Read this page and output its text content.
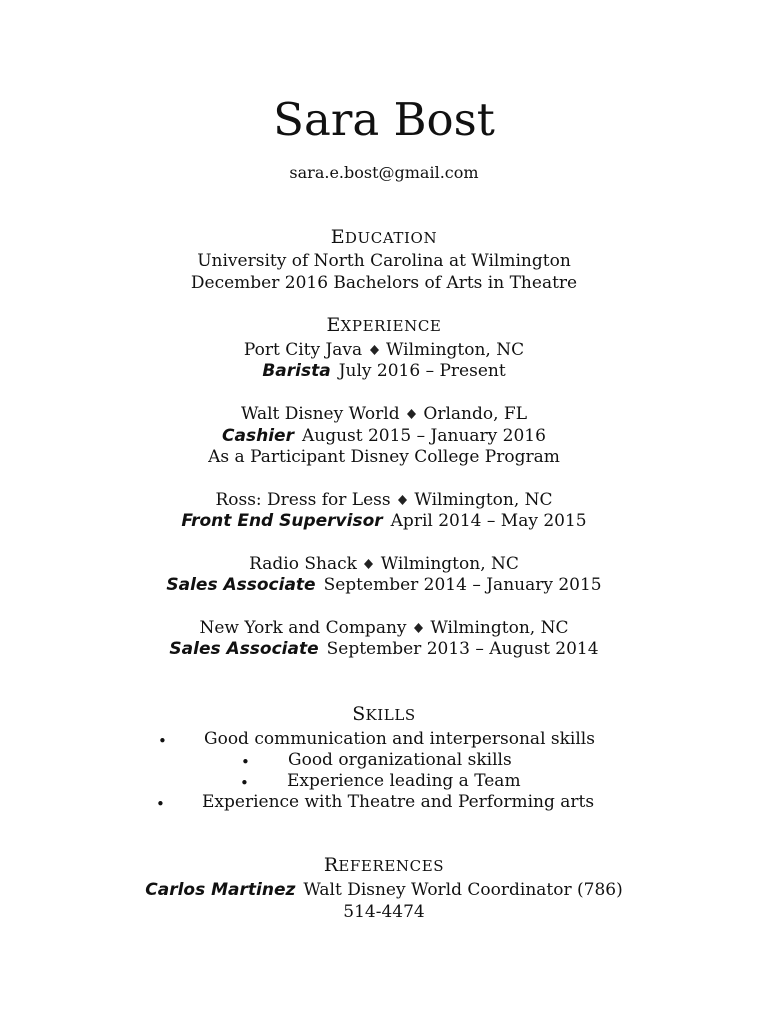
Sara Bost
sara.e.bost@gmail.com
EDUCATION
University of North Carolina at Wilmington
December 2016 Bachelors of Arts in Theatre
EXPERIENCE
Port City Java Wilmington, NC
Barista July 2016 – Present
Walt Disney World Orlando, FL
Cashier August 2015 – January 2016
As a Participant Disney College Program
Ross: Dress for Less Wilmington, NC
Front End Supervisor April 2014 – May 2015
Radio Shack Wilmington, NC
Sales Associate September 2014 – January 2015
New York and Company Wilmington, NC
Sales Associate September 2013 – August 2014
SKILLS
• Good communication and interpersonal skills
• Good organizational skills
• Experience leading a Team
• Experience with Theatre and Performing arts
REFERENCES
Carlos Martinez Walt Disney World Coordinator (786)
514-4474
